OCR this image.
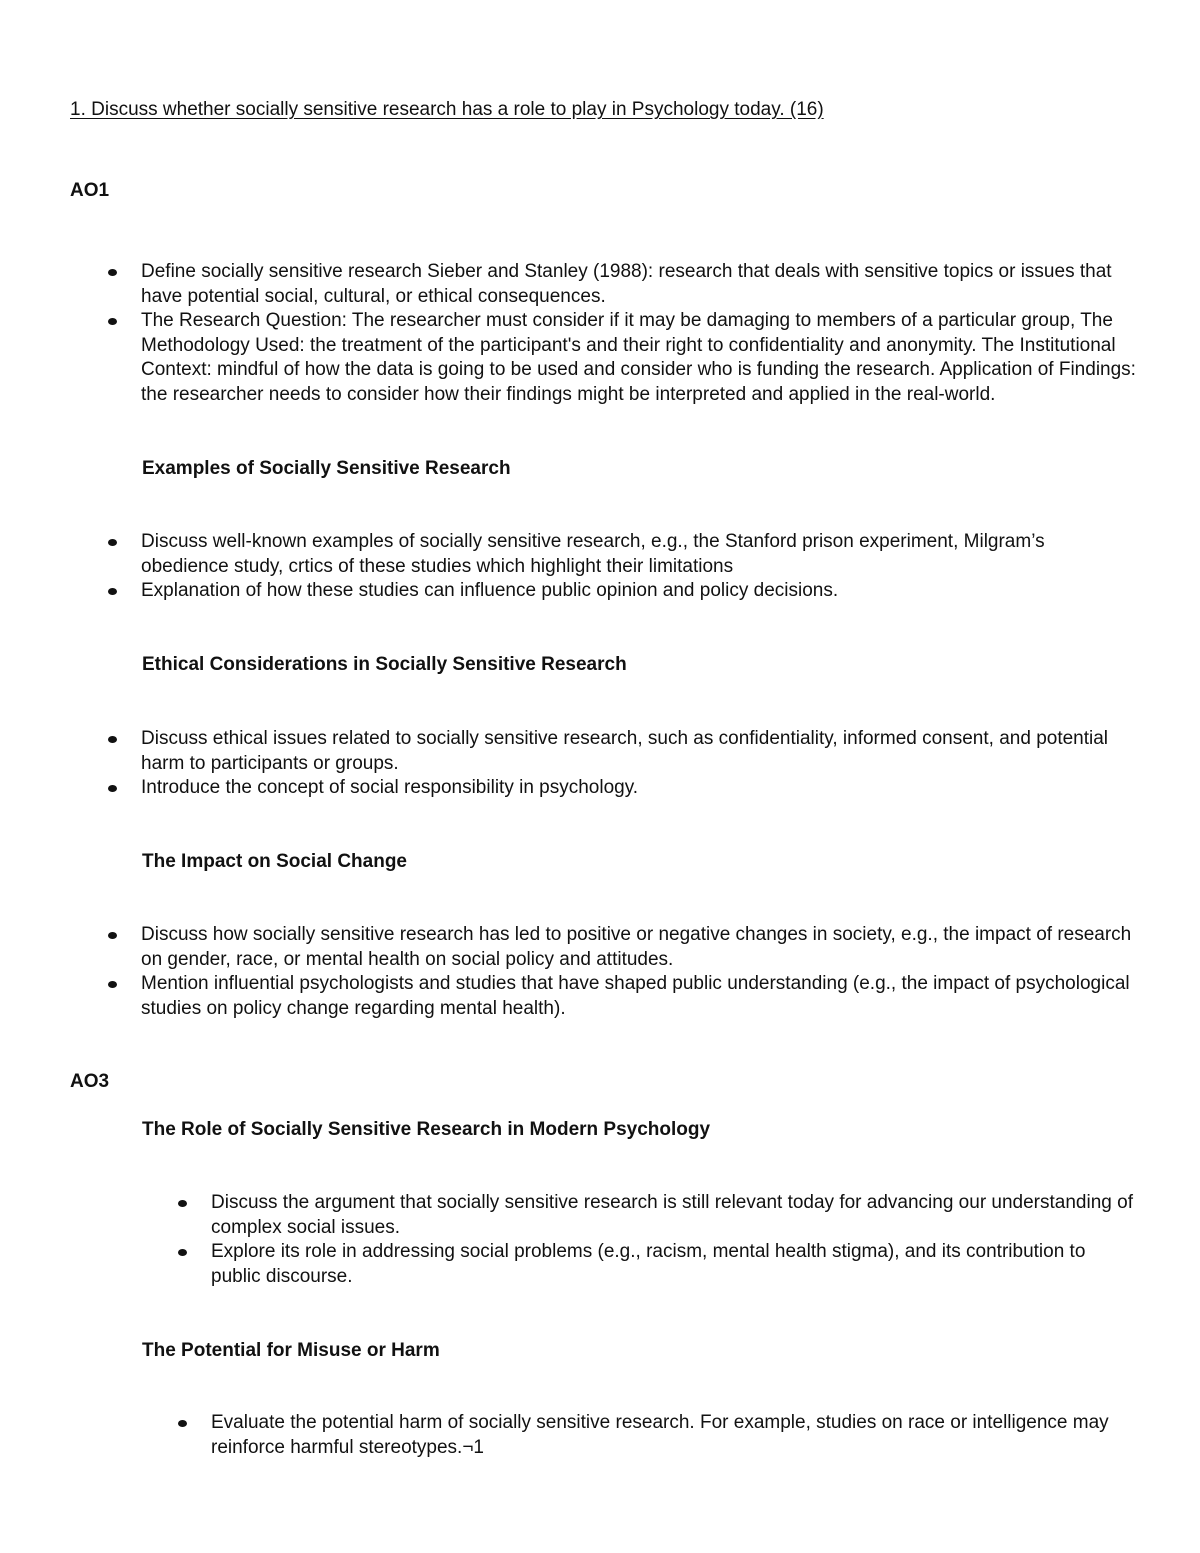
1. Discuss whether socially sensitive research has a role to play in Psychology today. (16)
AO1
Define socially sensitive research Sieber and Stanley (1988): research that deals with sensitive topics or issues that have potential social, cultural, or ethical consequences.
The Research Question: The researcher must consider if it may be damaging to members of a particular group, The Methodology Used: the treatment of the participant's and their right to confidentiality and anonymity. The Institutional Context: mindful of how the data is going to be used and consider who is funding the research. Application of Findings: the researcher needs to consider how their findings might be interpreted and applied in the real-world.
Examples of Socially Sensitive Research
Discuss well-known examples of socially sensitive research, e.g., the Stanford prison experiment, Milgram’s obedience study, crtics of these studies which highlight their limitations
Explanation of how these studies can influence public opinion and policy decisions.
Ethical Considerations in Socially Sensitive Research
Discuss ethical issues related to socially sensitive research, such as confidentiality, informed consent, and potential harm to participants or groups.
Introduce the concept of social responsibility in psychology.
The Impact on Social Change
Discuss how socially sensitive research has led to positive or negative changes in society, e.g., the impact of research on gender, race, or mental health on social policy and attitudes.
Mention influential psychologists and studies that have shaped public understanding (e.g., the impact of psychological studies on policy change regarding mental health).
AO3
The Role of Socially Sensitive Research in Modern Psychology
Discuss the argument that socially sensitive research is still relevant today for advancing our understanding of complex social issues.
Explore its role in addressing social problems (e.g., racism, mental health stigma), and its contribution to public discourse.
The Potential for Misuse or Harm
Evaluate the potential harm of socially sensitive research. For example, studies on race or intelligence may reinforce harmful stereotypes.¬1
